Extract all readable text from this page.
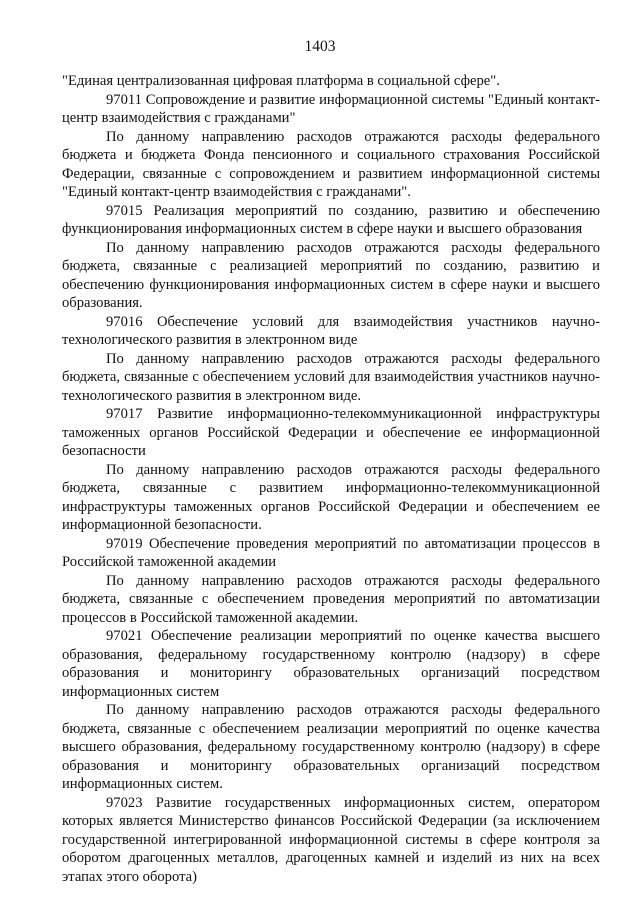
1403

"Единая централизованная цифровая платформа в социальной сфере".

97011 Сопровождение и развитие информационной системы "Единый контакт-центр взаимодействия с гражданами"

По данному направлению расходов отражаются расходы федерального бюджета и бюджета Фонда пенсионного и социального страхования Российской Федерации, связанные с сопровождением и развитием информационной системы "Единый контакт-центр взаимодействия с гражданами".

97015 Реализация мероприятий по созданию, развитию и обеспечению функционирования информационных систем в сфере науки и высшего образования

По данному направлению расходов отражаются расходы федерального бюджета, связанные с реализацией мероприятий по созданию, развитию и обеспечению функционирования информационных систем в сфере науки и высшего образования.

97016 Обеспечение условий для взаимодействия участников научно-технологического развития в электронном виде

По данному направлению расходов отражаются расходы федерального бюджета, связанные с обеспечением условий для взаимодействия участников научно-технологического развития в электронном виде.

97017 Развитие информационно-телекоммуникационной инфраструктуры таможенных органов Российской Федерации и обеспечение ее информационной безопасности

По данному направлению расходов отражаются расходы федерального бюджета, связанные с развитием информационно-телекоммуникационной инфраструктуры таможенных органов Российской Федерации и обеспечением ее информационной безопасности.

97019 Обеспечение проведения мероприятий по автоматизации процессов в Российской таможенной академии

По данному направлению расходов отражаются расходы федерального бюджета, связанные с обеспечением проведения мероприятий по автоматизации процессов в Российской таможенной академии.

97021 Обеспечение реализации мероприятий по оценке качества высшего образования, федеральному государственному контролю (надзору) в сфере образования и мониторингу образовательных организаций посредством информационных систем

По данному направлению расходов отражаются расходы федерального бюджета, связанные с обеспечением реализации мероприятий по оценке качества высшего образования, федеральному государственному контролю (надзору) в сфере образования и мониторингу образовательных организаций посредством информационных систем.

97023 Развитие государственных информационных систем, оператором которых является Министерство финансов Российской Федерации (за исключением государственной интегрированной информационной системы в сфере контроля за оборотом драгоценных металлов, драгоценных камней и изделий из них на всех этапах этого оборота)
